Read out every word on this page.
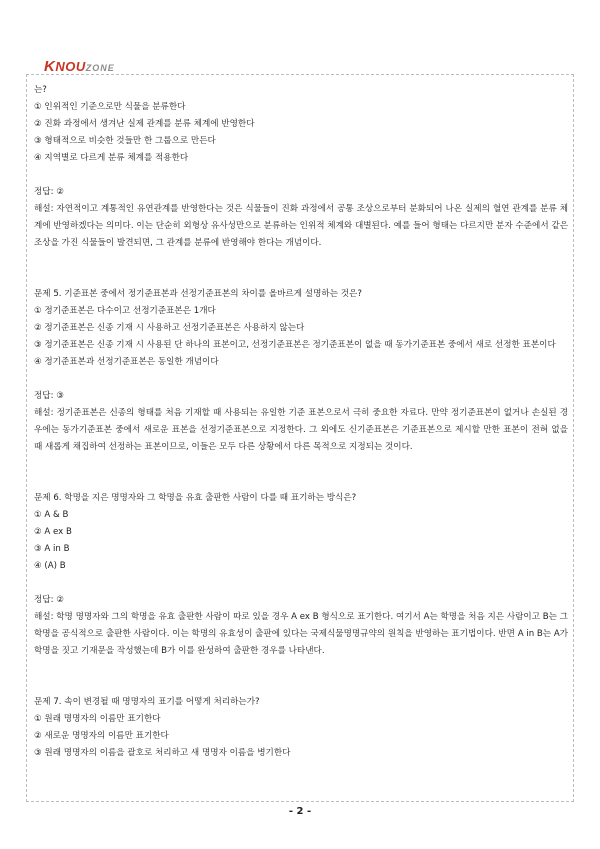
KNOUZONE

는?

① 인위적인 기준으로만 식물을 분류한다

② 진화 과정에서 생겨난 실제 관계를 분류 체계에 반영한다

③ 형태적으로 비슷한 것들만 한 그룹으로 만든다

④ 지역별로 다르게 분류 체계를 적용한다

정답: ②

해설: 자연적이고 계통적인 유연관계를 반영한다는 것은 식물들이 진화 과정에서 공통 조상으로부터 분화되어 나온 실제의 혈연 관계를 분류 체계에 반영하겠다는 의미다. 이는 단순히 외형상 유사성만으로 분류하는 인위적 체계와 대별된다. 예를 들어 형태는 다르지만 분자 수준에서 같은 조상을 가진 식물들이 발견되면, 그 관계를 분류에 반영해야 한다는 개념이다.

문제 5. 기준표본 중에서 정기준표본과 선정기준표본의 차이를 올바르게 설명하는 것은?

① 정기준표본은 다수이고 선정기준표본은 1개다

② 정기준표본은 신종 기재 시 사용하고 선정기준표본은 사용하지 않는다

③ 정기준표본은 신종 기재 시 사용된 단 하나의 표본이고, 선정기준표본은 정기준표본이 없을 때 동가기준표본 중에서 새로 선정한 표본이다

④ 정기준표본과 선정기준표본은 동일한 개념이다

정답: ③

해설: 정기준표본은 신종의 형태를 처음 기재할 때 사용되는 유일한 기준 표본으로서 극히 중요한 자료다. 만약 정기준표본이 없거나 손실된 경우에는 동가기준표본 중에서 새로운 표본을 선정기준표본으로 지정한다. 그 외에도 신기준표본은 기준표본으로 제시할 만한 표본이 전혀 없을 때 새롭게 채집하여 선정하는 표본이므로, 이들은 모두 다른 상황에서 다른 목적으로 지정되는 것이다.

문제 6. 학명을 지은 명명자와 그 학명을 유효 출판한 사람이 다를 때 표기하는 방식은?

① A & B

② A ex B

③ A in B

④ (A) B

정답: ②

해설: 학명 명명자와 그의 학명을 유효 출판한 사람이 따로 있을 경우 A ex B 형식으로 표기한다. 여기서 A는 학명을 처음 지은 사람이고 B는 그 학명을 공식적으로 출판한 사람이다. 이는 학명의 유효성이 출판에 있다는 국제식물명명규약의 원칙을 반영하는 표기법이다. 반면 A in B는 A가 학명을 짓고 기재문을 작성했는데 B가 이를 완성하여 출판한 경우를 나타낸다.

문제 7. 속이 변경될 때 명명자의 표기를 어떻게 처리하는가?

① 원래 명명자의 이름만 표기한다

② 새로운 명명자의 이름만 표기한다

③ 원래 명명자의 이름을 괄호로 처리하고 새 명명자 이름을 병기한다

- 2 -
